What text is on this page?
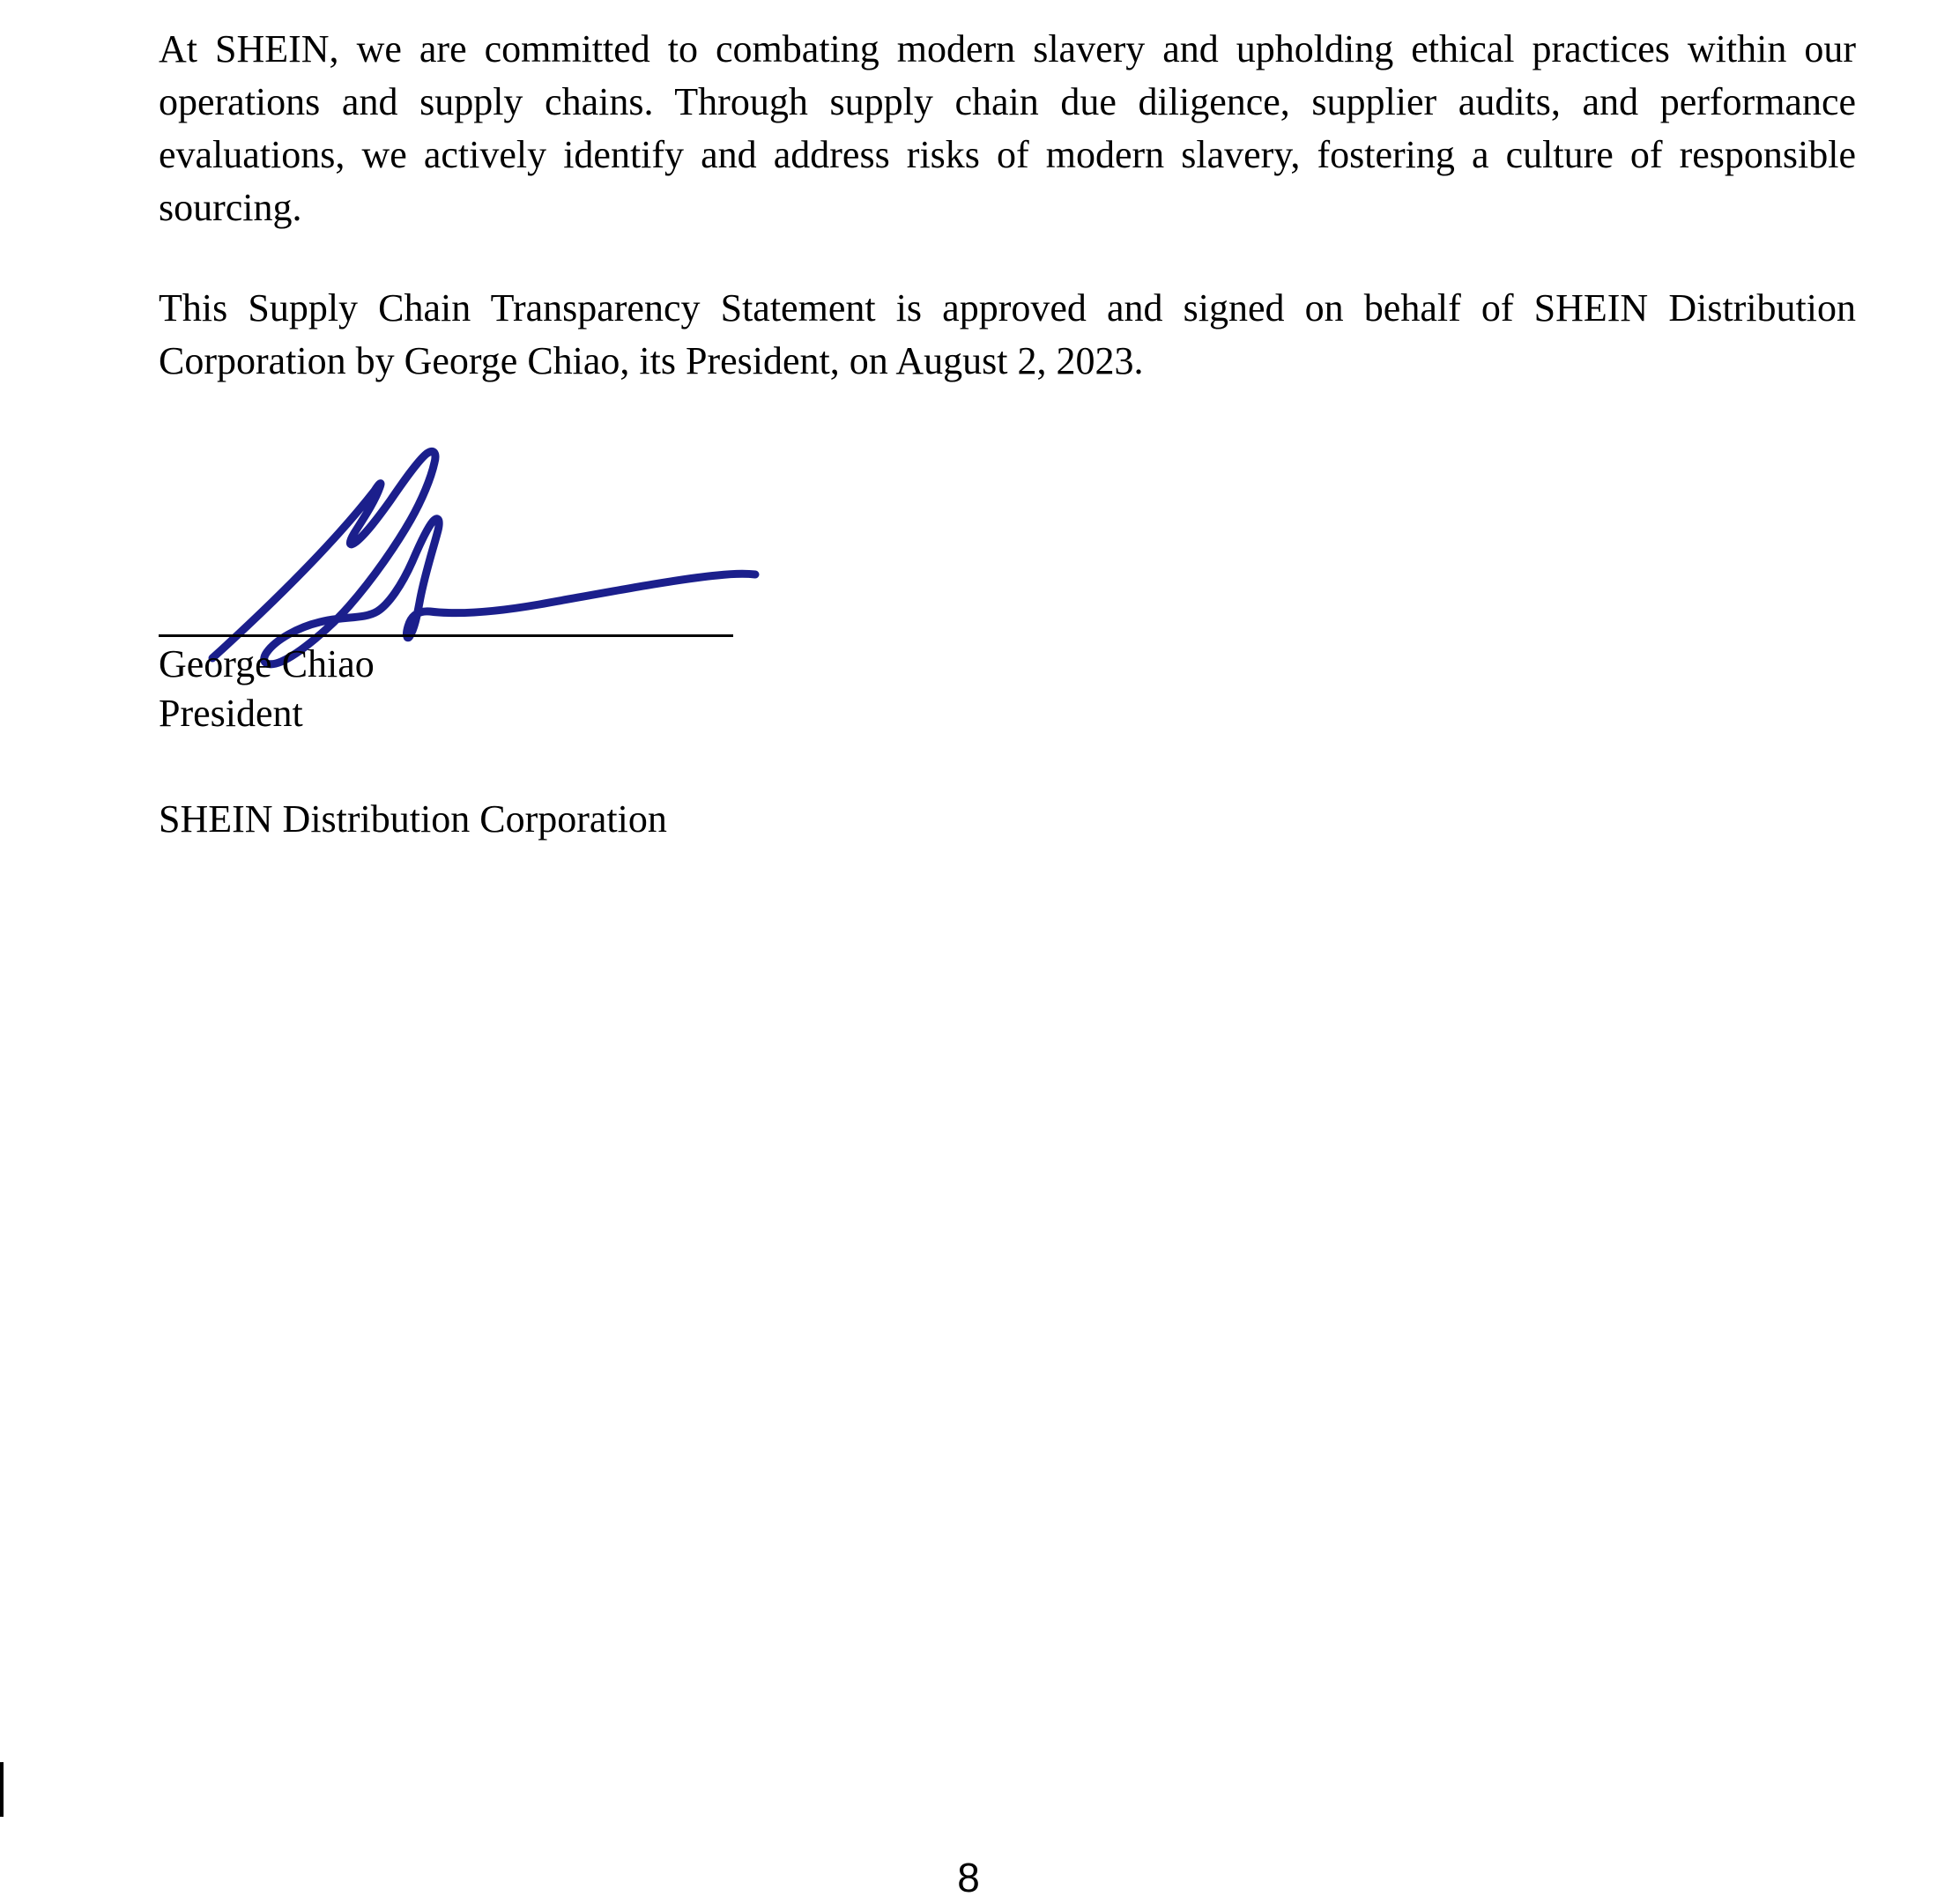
At SHEIN, we are committed to combating modern slavery and upholding ethical practices within our
operations and supply chains. Through supply chain due diligence, supplier audits, and performance
evaluations, we actively identify and address risks of modern slavery, fostering a culture of responsible
sourcing.
This Supply Chain Transparency Statement is approved and signed on behalf of SHEIN Distribution
Corporation by George Chiao, its President, on August 2, 2023.
George Chiao
President
SHEIN Distribution Corporation
8
